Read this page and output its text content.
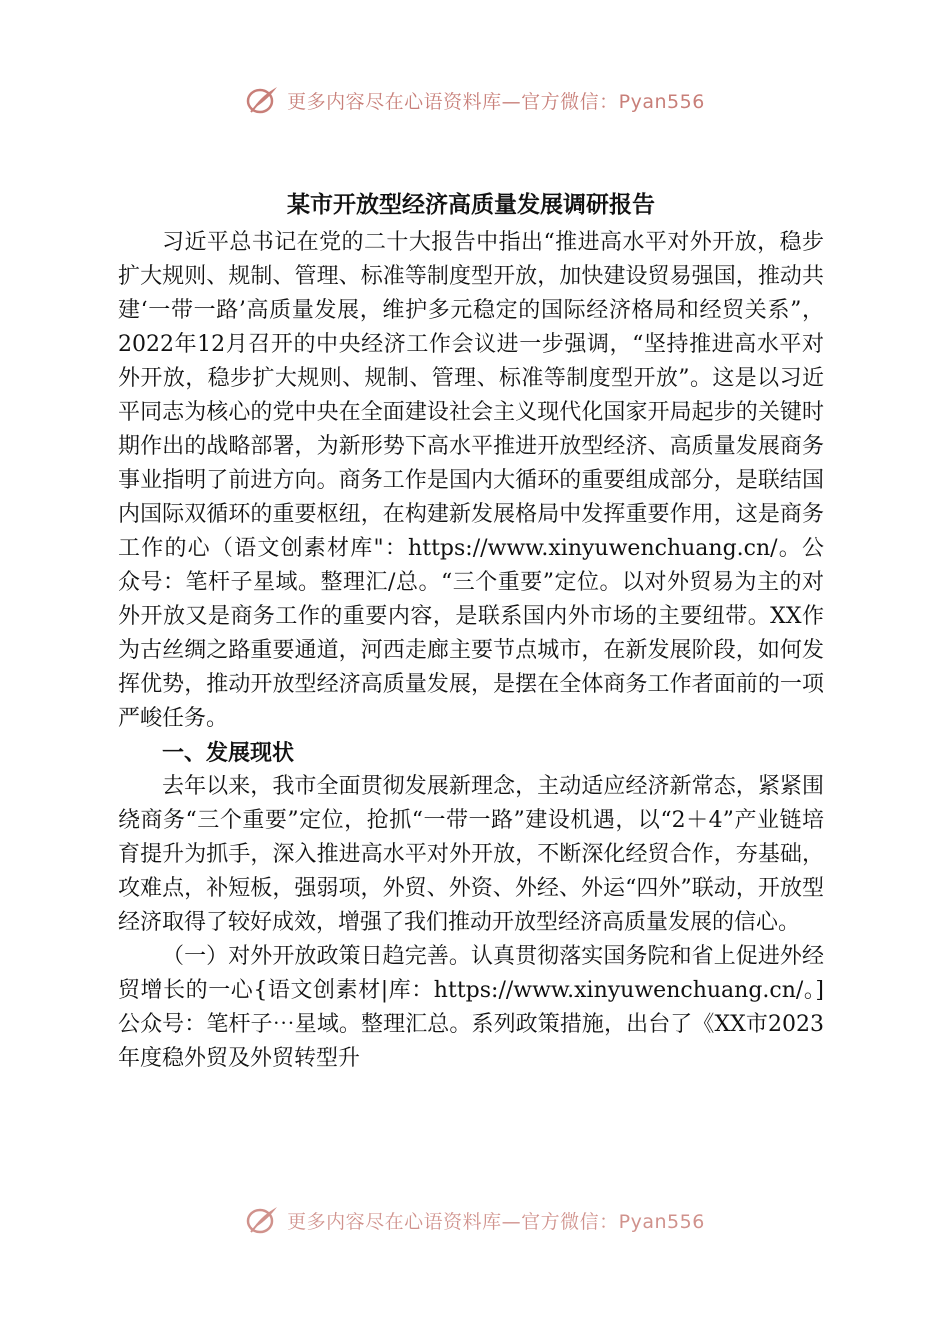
更多内容尽在心语资料库—官方微信：Pyan556
某市开放型经济高质量发展调研报告

习近平总书记在党的二十大报告中指出“推进高水平对外开放，稳步扩大规则、规制、管理、标准等制度型开放，加快建设贸易强国，推动共建‘一带一路’高质量发展，维护多元稳定的国际经济格局和经贸关系”，2022年12月召开的中央经济工作会议进一步强调，“坚持推进高水平对外开放，稳步扩大规则、规制、管理、标准等制度型开放”。这是以习近平同志为核心的党中央在全面建设社会主义现代化国家开局起步的关键时期作出的战略部署，为新形势下高水平推进开放型经济、高质量发展商务事业指明了前进方向。商务工作是国内大循环的重要组成部分，是联结国内国际双循环的重要枢纽，在构建新发展格局中发挥重要作用，这是商务工作的心（语文创素材库"：https://www.xinyuwenchuang.cn/。公众号：笔杆子星域。整理汇/总。“三个重要”定位。以对外贸易为主的对外开放又是商务工作的重要内容，是联系国内外市场的主要纽带。XX作为古丝绸之路重要通道，河西走廊主要节点城市，在新发展阶段，如何发挥优势，推动开放型经济高质量发展，是摆在全体商务工作者面前的一项严峻任务。

一、发展现状

去年以来，我市全面贯彻发展新理念，主动适应经济新常态，紧紧围绕商务“三个重要”定位，抢抓“一带一路”建设机遇，以“2＋4”产业链培育提升为抓手，深入推进高水平对外开放，不断深化经贸合作，夯基础，攻难点，补短板，强弱项，外贸、外资、外经、外运“四外”联动，开放型经济取得了较好成效，增强了我们推动开放型经济高质量发展的信心。

（一）对外开放政策日趋完善。认真贯彻落实国务院和省上促进外经贸增长的一心{语文创素材|库：https://www.xinyuwenchuang.cn/。]公众号：笔杆子⋯星域。整理汇总。系列政策措施，出台了《XX市2023年度稳外贸及外贸转型升

更多内容尽在心语资料库—官方微信：Pyan556
